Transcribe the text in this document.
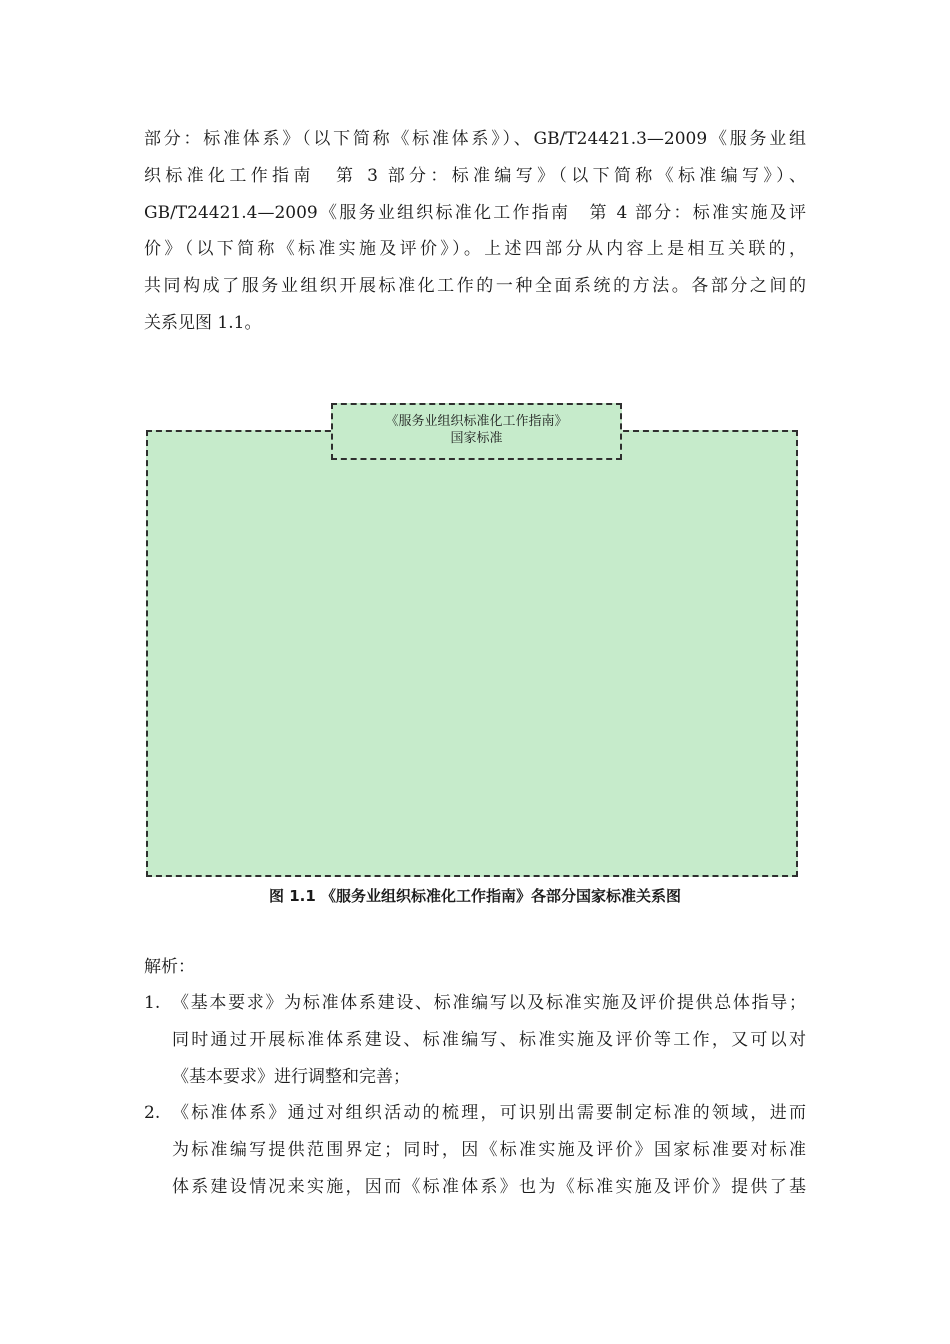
部分：标准体系》（以下简称《标准体系》）、GB/T24421.3—2009《服务业组

织标准化工作指南　第 3 部分：标准编写》（以下简称《标准编写》）、

GB/T24421.4—2009《服务业组织标准化工作指南　第 4 部分：标准实施及评

价》（以下简称《标准实施及评价》）。上述四部分从内容上是相互关联的，

共同构成了服务业组织开展标准化工作的一种全面系统的方法。各部分之间的

关系见图 1.1。

《服务业组织标准化工作指南》
国家标准
图 1.1 《服务业组织标准化工作指南》各部分国家标准关系图

解析：

1. 《基本要求》为标准体系建设、标准编写以及标准实施及评价提供总体指导；

同时通过开展标准体系建设、标准编写、标准实施及评价等工作，又可以对

《基本要求》进行调整和完善；

2. 《标准体系》通过对组织活动的梳理，可识别出需要制定标准的领域，进而

为标准编写提供范围界定；同时，因《标准实施及评价》国家标准要对标准

体系建设情况来实施，因而《标准体系》也为《标准实施及评价》提供了基
